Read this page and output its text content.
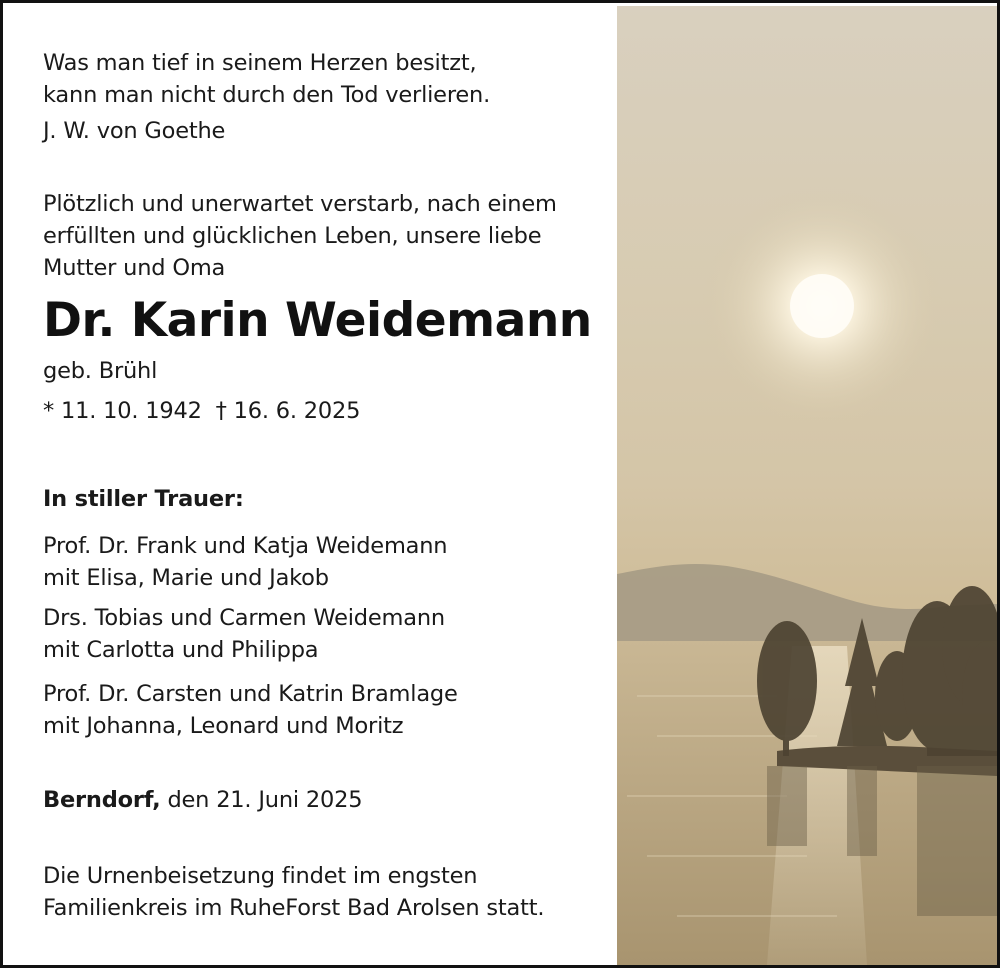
Was man tief in seinem Herzen besitzt,
kann man nicht durch den Tod verlieren.
J. W. von Goethe
Plötzlich und unerwartet verstarb, nach einem
erfüllten und glücklichen Leben, unsere liebe
Mutter und Oma
Dr. Karin Weidemann
geb. Brühl
* 11. 10. 1942  † 16. 6. 2025
In stiller Trauer:
Prof. Dr. Frank und Katja Weidemann
mit Elisa, Marie und Jakob
Drs. Tobias und Carmen Weidemann
mit Carlotta und Philippa
Prof. Dr. Carsten und Katrin Bramlage
mit Johanna, Leonard und Moritz
Berndorf, den 21. Juni 2025
Die Urnenbeisetzung findet im engsten
Familienkreis im RuheForst Bad Arolsen statt.
